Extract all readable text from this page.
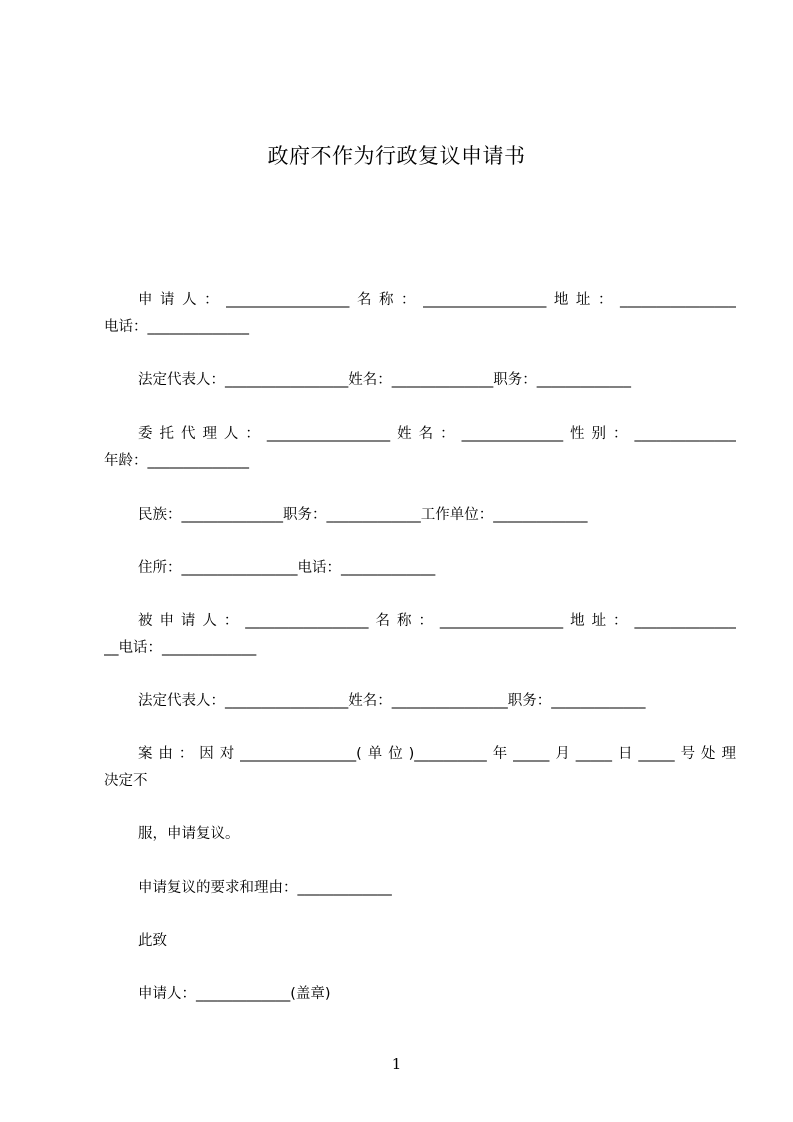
政府不作为行政复议申请书
申请人：_________________名称：_________________地址：________________
电话：______________
法定代表人：_________________姓名：______________职务：_____________
委托代理人：_________________姓名：______________性别：______________
年龄：______________
民族：______________职务：_____________工作单位：_____________
住所：________________电话：_____________
被申请人：_________________名称：_________________地址：______________
__电话：_____________
法定代表人：_________________姓名：________________职务：_____________
案由：因对________________(单位)__________年_____月_____日_____号处理
决定不
服，申请复议。
申请复议的要求和理由：_____________
此致
申请人：_____________(盖章)
1
